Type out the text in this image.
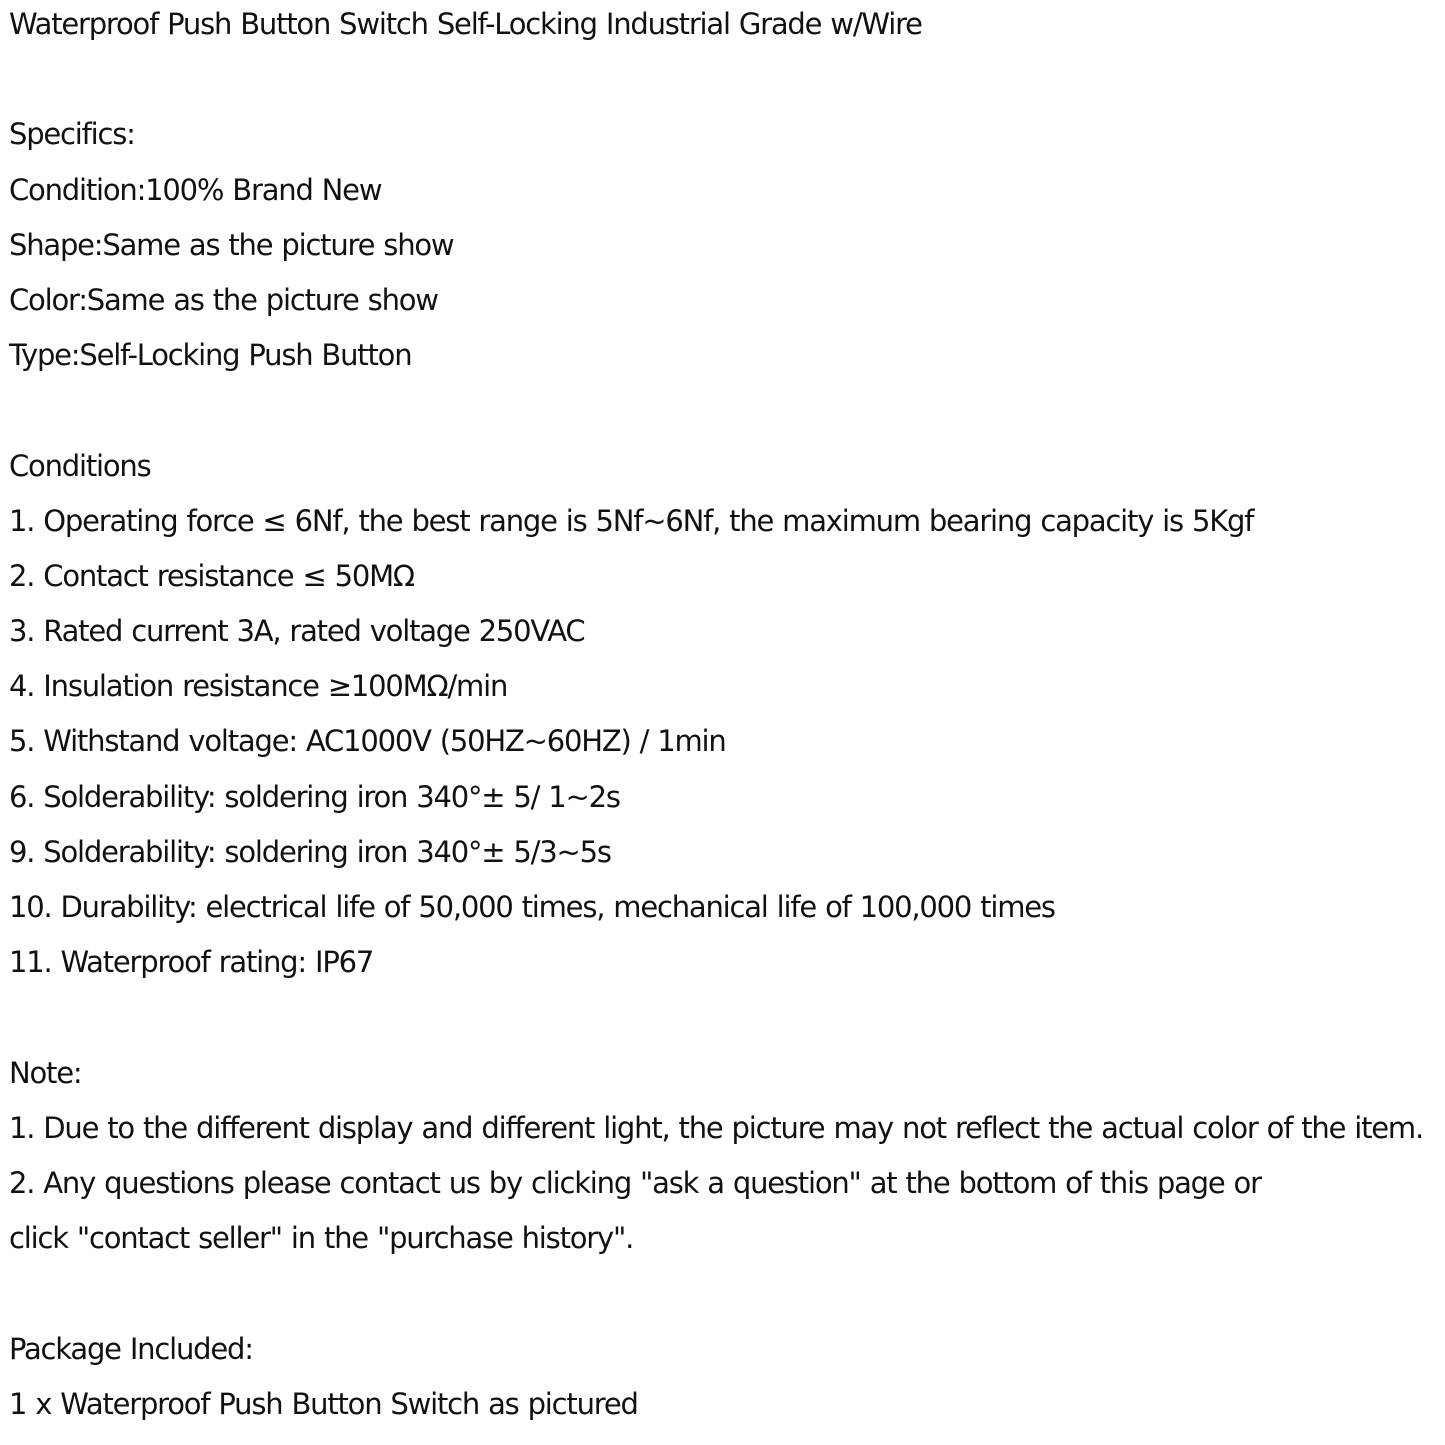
Waterproof Push Button Switch Self-Locking Industrial Grade w/Wire
Specifics:
Condition:100% Brand New
Shape:Same as the picture show
Color:Same as the picture show
Type:Self-Locking Push Button
Conditions
1. Operating force ≤ 6Nf, the best range is 5Nf~6Nf, the maximum bearing capacity is 5Kgf
2. Contact resistance ≤ 50MΩ
3. Rated current 3A, rated voltage 250VAC
4. Insulation resistance ≥100MΩ/min
5. Withstand voltage: AC1000V (50HZ~60HZ) / 1min
6. Solderability: soldering iron 340°± 5/ 1~2s
9. Solderability: soldering iron 340°± 5/3~5s
10. Durability: electrical life of 50,000 times, mechanical life of 100,000 times
11. Waterproof rating: IP67
Note:
1. Due to the different display and different light, the picture may not reflect the actual color of the item.
2. Any questions please contact us by clicking "ask a question" at the bottom of this page or
click "contact seller" in the "purchase history".
Package Included:
1 x Waterproof Push Button Switch as pictured
